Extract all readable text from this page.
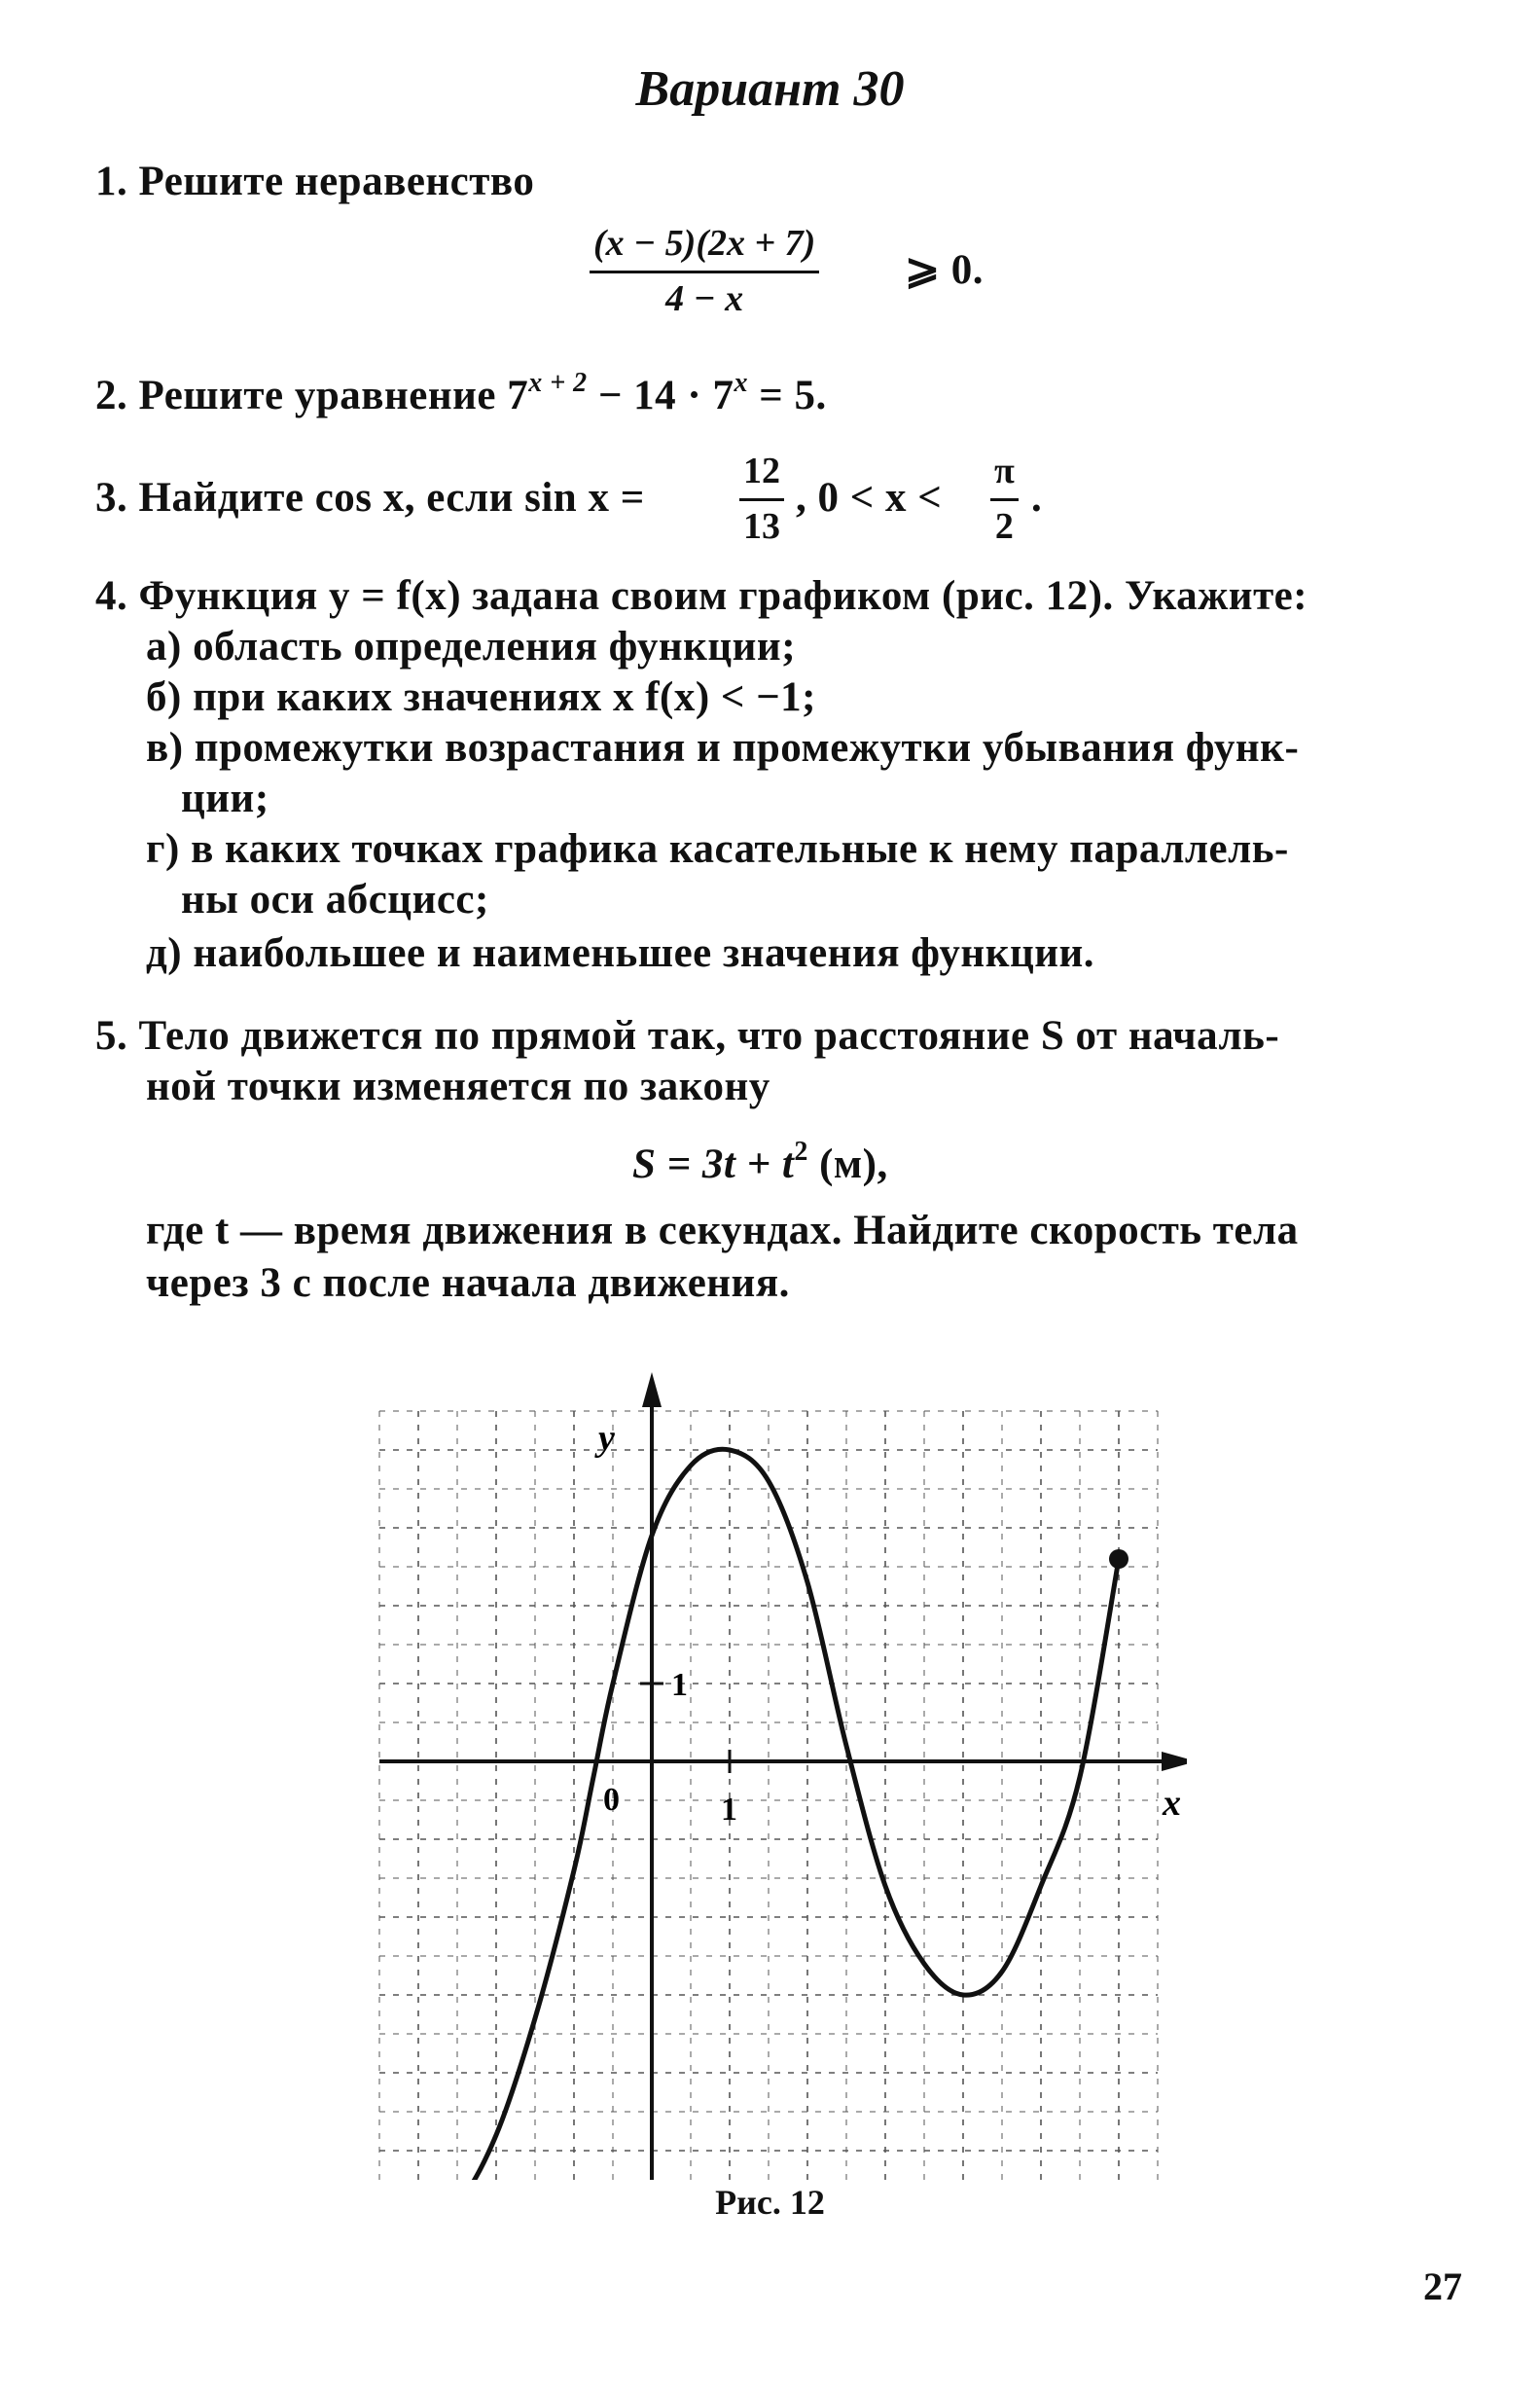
Вариант 30
1. Решите неравенство
$\frac{(x - 5)(2x + 7)}{4 - x}$ ⩾ 0.
2. Решите уравнение $7^{x + 2} - 14 \cdot 7^x = 5$.
3. Найдите cos x, если sin x =	$\frac{12}{13}$ , $0 < x < \frac{\pi}{2}$ .
4. Функция y = f(x) задана своим графиком (рис. 12). Укажите:
а) область определения функции;
б) при каких значениях x f(x) < −1;
в) промежутки возрастания и промежутки убывания функ-
ции;
г) в каких точках графика касательные к нему параллель-
ны оси абсцисс;
д) наибольшее и наименьшее значения функции.
5. Тело движется по прямой так, что расстояние S от началь-
ной точки изменяется по закону
$S = 3t + t^2$ (м),
где t — время движения в секундах. Найдите скорость тела
через 3 с после начала движения.
y
x
0	1
1
Рис. 12
27
